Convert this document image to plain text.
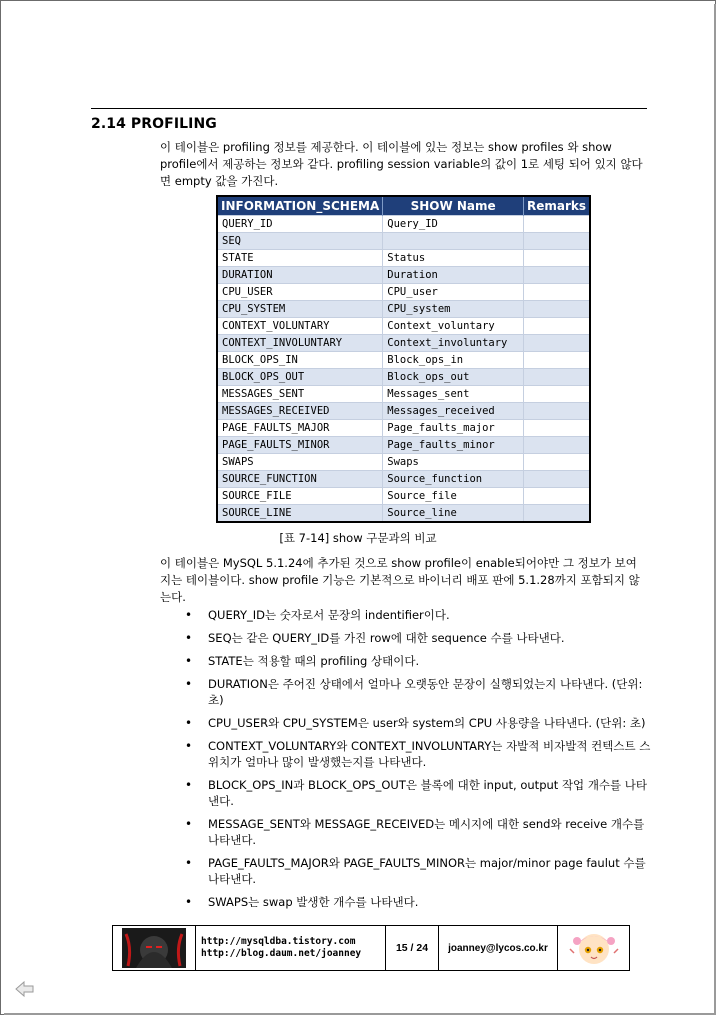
2.14 PROFILING
이 테이블은 profiling 정보를 제공한다. 이 테이블에 있는 정보는 show profiles 와 show profile에서 제공하는 정보와 같다. profiling session variable의 값이 1로 세팅 되어 있지 않다면 empty 값을 가진다.
INFORMATION_SCHEMA	SHOW Name	Remarks
QUERY_ID	Query_ID	
SEQ		
STATE	Status	
DURATION	Duration	
CPU_USER	CPU_user	
CPU_SYSTEM	CPU_system	
CONTEXT_VOLUNTARY	Context_voluntary	
CONTEXT_INVOLUNTARY	Context_involuntary	
BLOCK_OPS_IN	Block_ops_in	
BLOCK_OPS_OUT	Block_ops_out	
MESSAGES_SENT	Messages_sent	
MESSAGES_RECEIVED	Messages_received	
PAGE_FAULTS_MAJOR	Page_faults_major	
PAGE_FAULTS_MINOR	Page_faults_minor	
SWAPS	Swaps	
SOURCE_FUNCTION	Source_function	
SOURCE_FILE	Source_file	
SOURCE_LINE	Source_line	
[표 7-14] show 구문과의 비교
이 테이블은 MySQL 5.1.24에 추가된 것으로 show profile이 enable되어야만 그 정보가 보여 지는 테이블이다. show profile 기능은 기본적으로 바이너리 배포 판에 5.1.28까지 포함되지 않는다.
• QUERY_ID는 숫자로서 문장의 indentifier이다.
• SEQ는 같은 QUERY_ID를 가진 row에 대한 sequence 수를 나타낸다.
• STATE는 적용할 때의 profiling 상태이다.
• DURATION은 주어진 상태에서 얼마나 오랫동안 문장이 실행되었는지 나타낸다. (단위: 초)
• CPU_USER와 CPU_SYSTEM은 user와 system의 CPU 사용량을 나타낸다. (단위: 초)
• CONTEXT_VOLUNTARY와 CONTEXT_INVOLUNTARY는 자발적 비자발적 컨텍스트 스위치가 얼마나 많이 발생했는지를 나타낸다.
• BLOCK_OPS_IN과 BLOCK_OPS_OUT은 블록에 대한 input, output 작업 개수를 나타낸다.
• MESSAGE_SENT와 MESSAGE_RECEIVED는 메시지에 대한 send와 receive 개수를 나타낸다.
• PAGE_FAULTS_MAJOR와 PAGE_FAULTS_MINOR는 major/minor page faulut 수를 나타낸다.
• SWAPS는 swap 발생한 개수를 나타낸다.
http://mysqldba.tistory.com
http://blog.daum.net/joanney	15 / 24	joanney@lycos.co.kr
